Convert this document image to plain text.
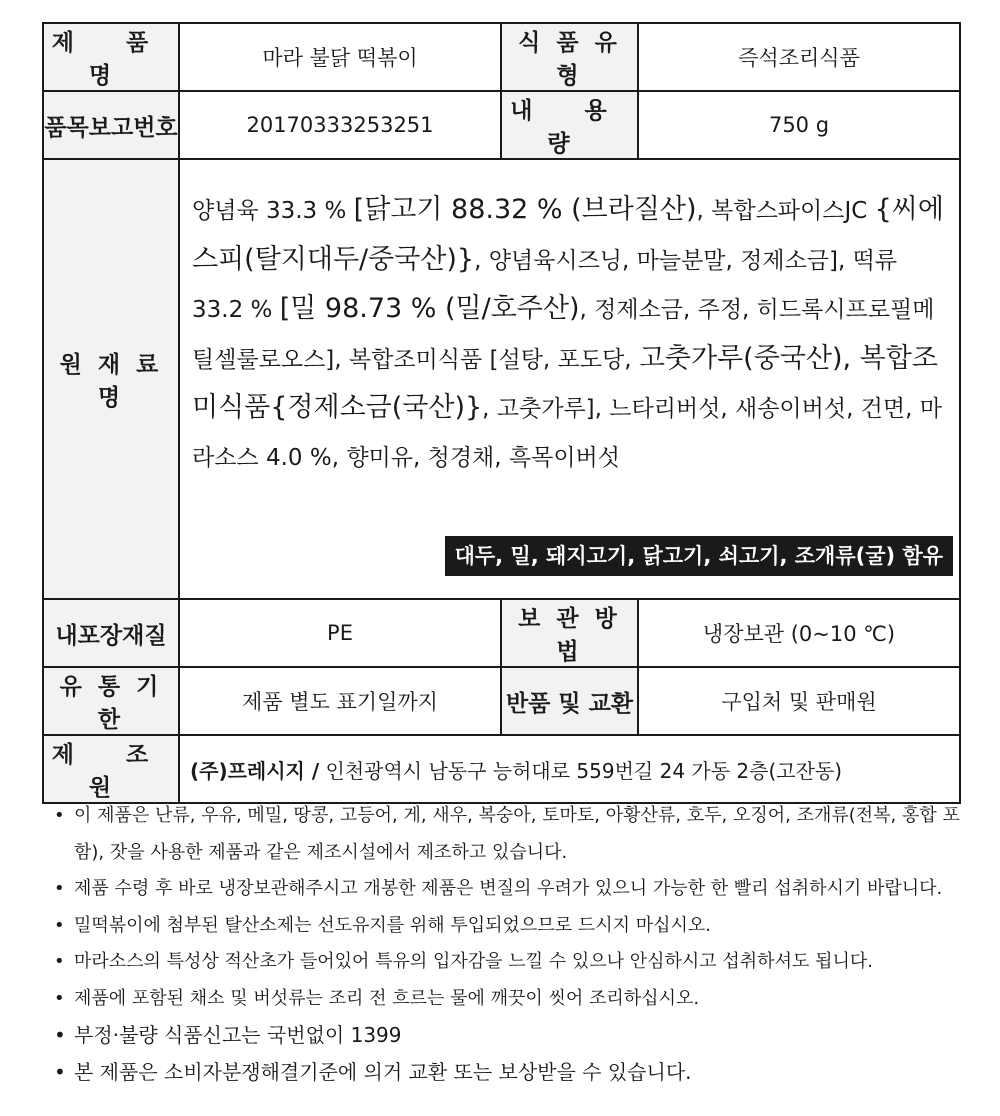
제 품 명	마라 불닭 떡볶이	식 품 유 형	즉석조리식품
품목보고번호	20170333253251	내 용 량	750 g
원 재 료 명	양념육 33.3 % [닭고기 88.32 % (브라질산), 복합스파이스JC {씨에스피(탈지대두/중국산)}, 양념육시즈닝, 마늘분말, 정제소금], 떡류 33.2 % [밀 98.73 % (밀/호주산), 정제소금, 주정, 히드록시프로필메틸셀룰로오스], 복합조미식품 [설탕, 포도당, 고춧가루(중국산), 복합조미식품{정제소금(국산)}, 고춧가루], 느타리버섯, 새송이버섯, 건면, 마라소스 4.0 %, 향미유, 청경채, 흑목이버섯
대두, 밀, 돼지고기, 닭고기, 쇠고기, 조개류(굴) 함유		

내포장재질	PE	보 관 방 법	냉장보관 (0~10 ℃)
유 통 기 한	제품 별도 표기일까지	반품 및 교환	구입처 및 판매원
제 조 원	(주)프레시지 / 인천광역시 남동구 능허대로 559번길 24 가동 2층(고잔동)		
• 이 제품은 난류, 우유, 메밀, 땅콩, 고등어, 게, 새우, 복숭아, 토마토, 아황산류, 호두, 오징어, 조개류(전복, 홍합 포함), 잣을 사용한 제품과 같은 제조시설에서 제조하고 있습니다.
• 제품 수령 후 바로 냉장보관해주시고 개봉한 제품은 변질의 우려가 있으니 가능한 한 빨리 섭취하시기 바랍니다.
• 밀떡볶이에 첨부된 탈산소제는 선도유지를 위해 투입되었으므로 드시지 마십시오.
• 마라소스의 특성상 적산초가 들어있어 특유의 입자감을 느낄 수 있으나 안심하시고 섭취하셔도 됩니다.
• 제품에 포함된 채소 및 버섯류는 조리 전 흐르는 물에 깨끗이 씻어 조리하십시오.
• 부정·불량 식품신고는 국번없이 1399
• 본 제품은 소비자분쟁해결기준에 의거 교환 또는 보상받을 수 있습니다.
